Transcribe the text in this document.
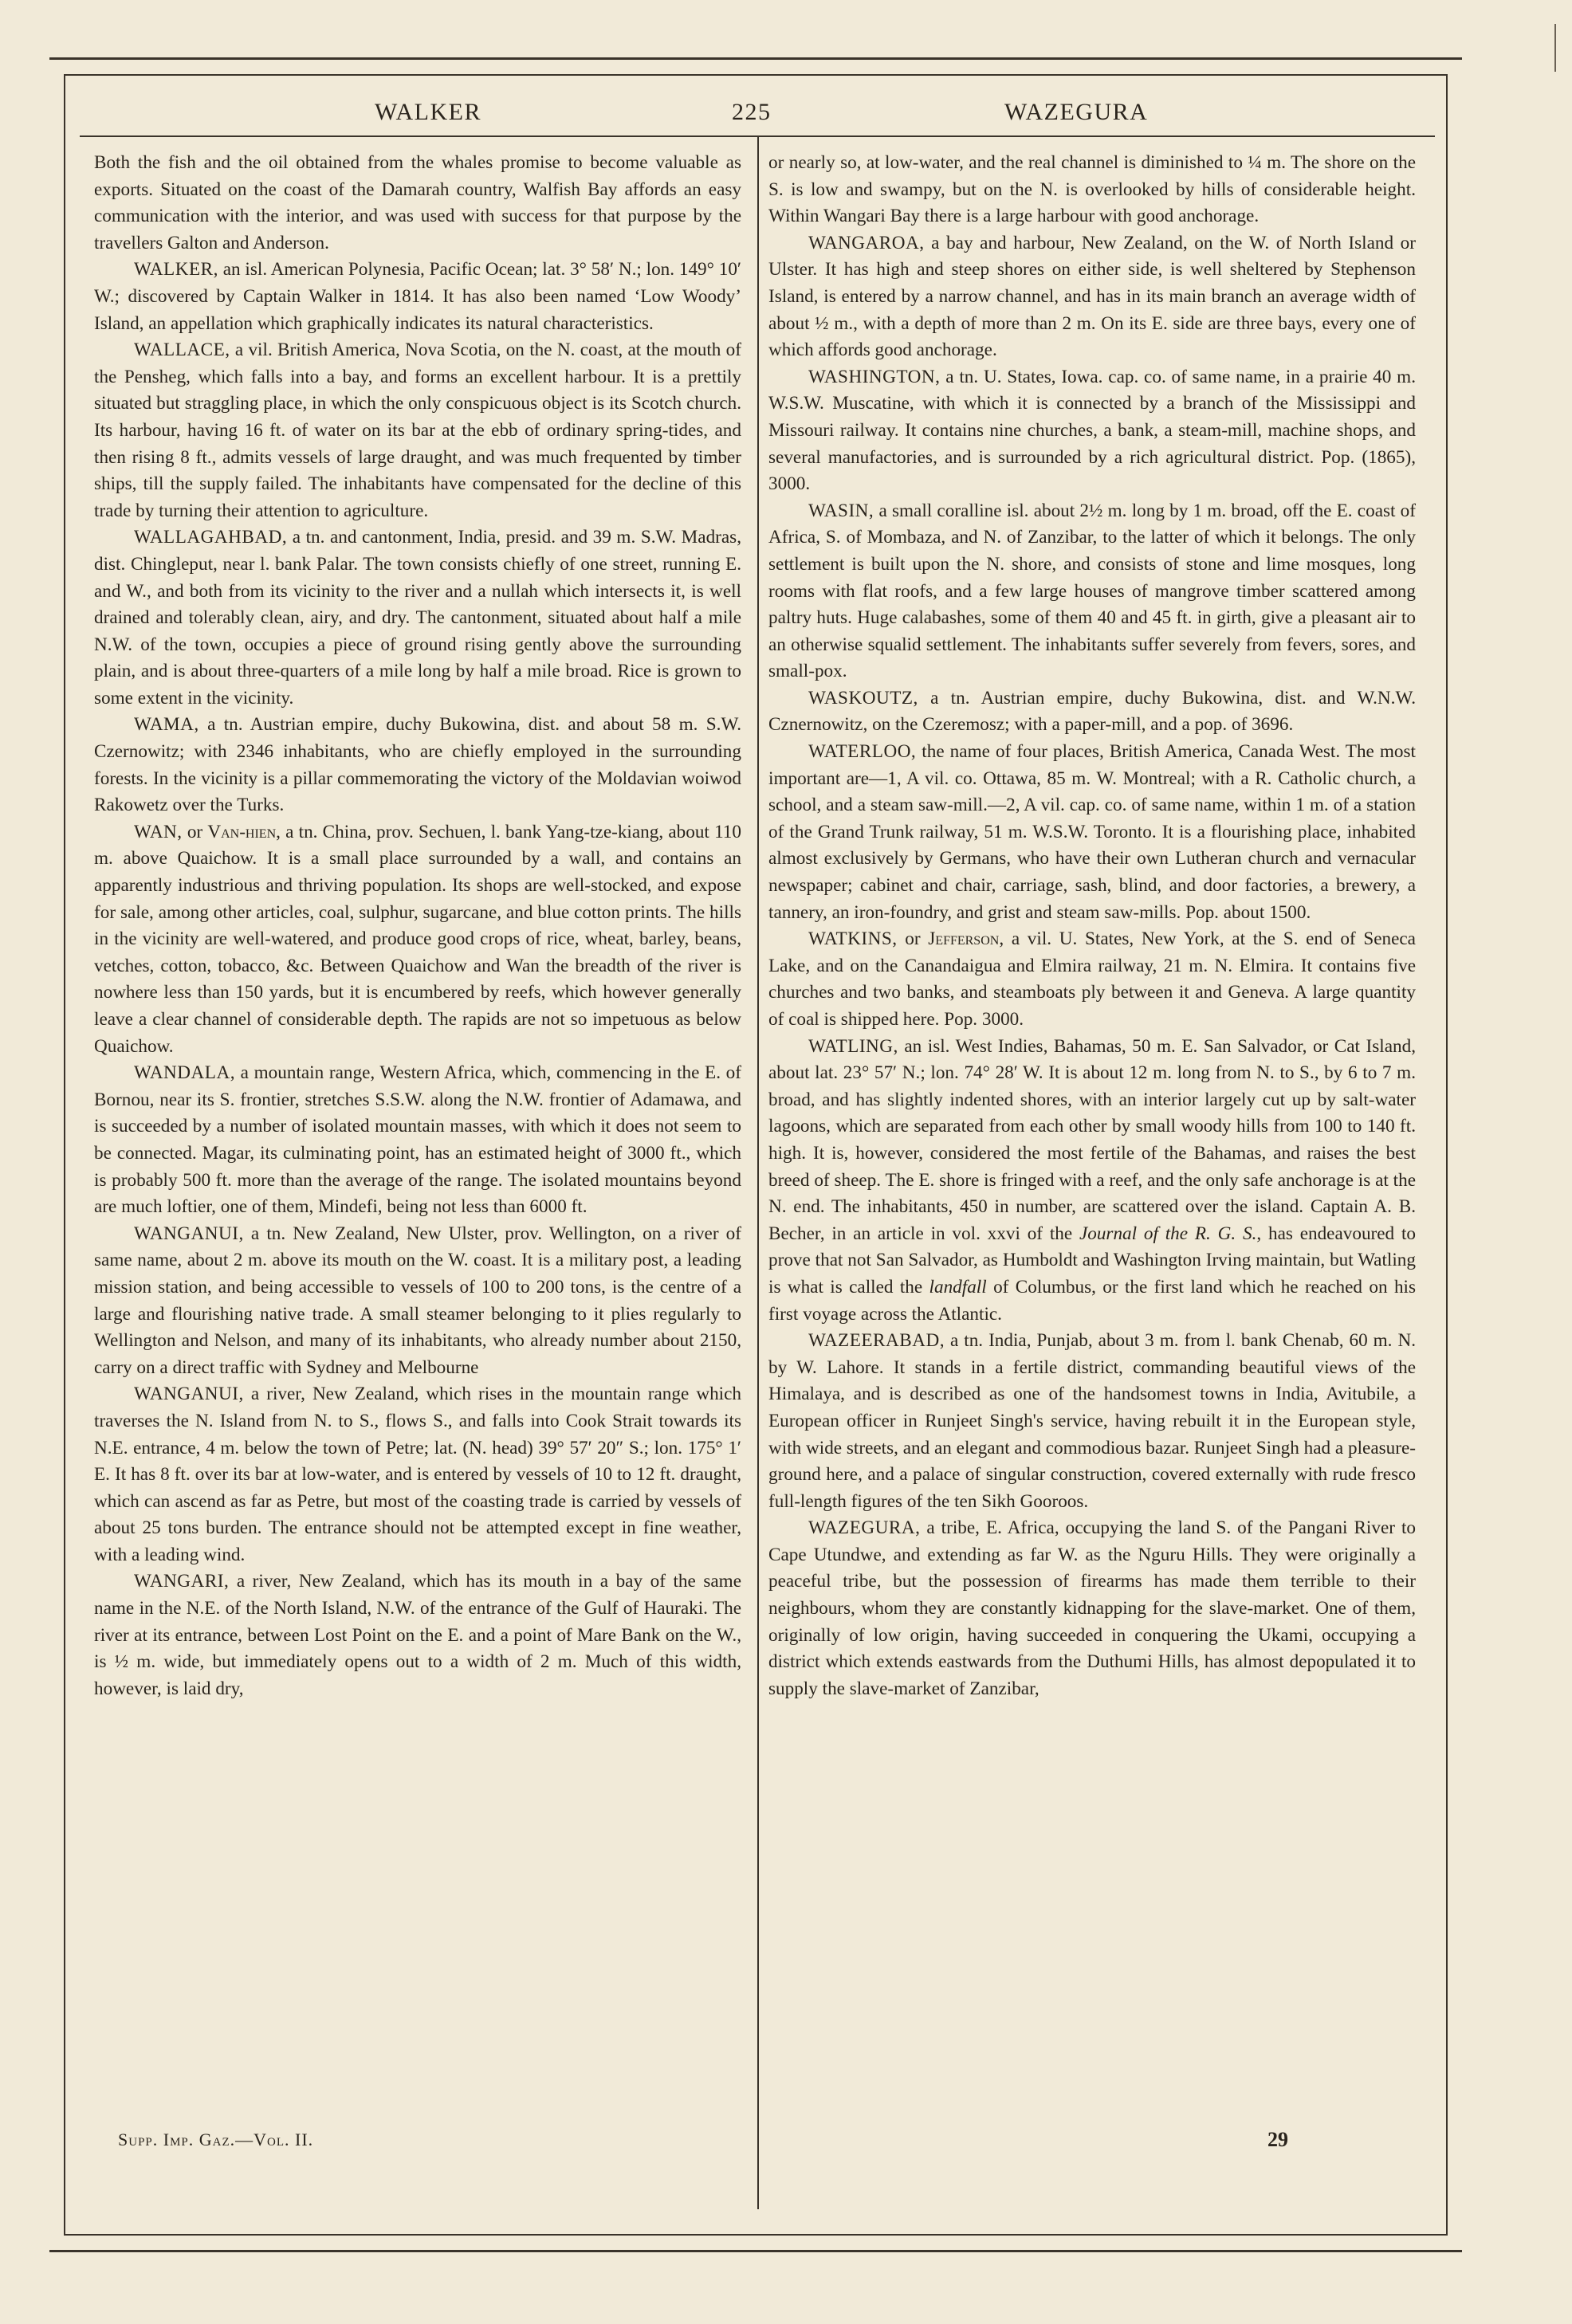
WALKER	225	WAZEGURA

Both the fish and the oil obtained from the whales promise to become valuable as exports. Situated on the coast of the Damarah country, Walfish Bay affords an easy communication with the interior, and was used with success for that purpose by the travellers Galton and Anderson.

WALKER, an isl. American Polynesia, Pacific Ocean; lat. 3° 58′ N.; lon. 149° 10′ W.; discovered by Captain Walker in 1814. It has also been named ‘Low Woody’ Island, an appellation which graphically indicates its natural characteristics.

WALLACE, a vil. British America, Nova Scotia, on the N. coast, at the mouth of the Pensheg, which falls into a bay, and forms an excellent harbour. It is a prettily situated but straggling place, in which the only conspicuous object is its Scotch church. Its harbour, having 16 ft. of water on its bar at the ebb of ordinary spring-tides, and then rising 8 ft., admits vessels of large draught, and was much frequented by timber ships, till the supply failed. The inhabitants have compensated for the decline of this trade by turning their attention to agriculture.

WALLAGAHBAD, a tn. and cantonment, India, presid. and 39 m. S.W. Madras, dist. Chingleput, near l. bank Palar. The town consists chiefly of one street, running E. and W., and both from its vicinity to the river and a nullah which intersects it, is well drained and tolerably clean, airy, and dry. The cantonment, situated about half a mile N.W. of the town, occupies a piece of ground rising gently above the surrounding plain, and is about three-quarters of a mile long by half a mile broad. Rice is grown to some extent in the vicinity.

WAMA, a tn. Austrian empire, duchy Bukowina, dist. and about 58 m. S.W. Czernowitz; with 2346 inhabitants, who are chiefly employed in the surrounding forests. In the vicinity is a pillar commemorating the victory of the Moldavian woiwod Rakowetz over the Turks.

WAN, or Van-hien, a tn. China, prov. Sechuen, l. bank Yang-tze-kiang, about 110 m. above Quaichow. It is a small place surrounded by a wall, and contains an apparently industrious and thriving population. Its shops are well-stocked, and expose for sale, among other articles, coal, sulphur, sugarcane, and blue cotton prints. The hills in the vicinity are well-watered, and produce good crops of rice, wheat, barley, beans, vetches, cotton, tobacco, &c. Between Quaichow and Wan the breadth of the river is nowhere less than 150 yards, but it is encumbered by reefs, which however generally leave a clear channel of considerable depth. The rapids are not so impetuous as below Quaichow.

WANDALA, a mountain range, Western Africa, which, commencing in the E. of Bornou, near its S. frontier, stretches S.S.W. along the N.W. frontier of Adamawa, and is succeeded by a number of isolated mountain masses, with which it does not seem to be connected. Magar, its culminating point, has an estimated height of 3000 ft., which is probably 500 ft. more than the average of the range. The isolated mountains beyond are much loftier, one of them, Mindefi, being not less than 6000 ft.

WANGANUI, a tn. New Zealand, New Ulster, prov. Wellington, on a river of same name, about 2 m. above its mouth on the W. coast. It is a military post, a leading mission station, and being accessible to vessels of 100 to 200 tons, is the centre of a large and flourishing native trade. A small steamer belonging to it plies regularly to Wellington and Nelson, and many of its inhabitants, who already number about 2150, carry on a direct traffic with Sydney and Melbourne

WANGANUI, a river, New Zealand, which rises in the mountain range which traverses the N. Island from N. to S., flows S., and falls into Cook Strait towards its N.E. entrance, 4 m. below the town of Petre; lat. (N. head) 39° 57′ 20″ S.; lon. 175° 1′ E. It has 8 ft. over its bar at low-water, and is entered by vessels of 10 to 12 ft. draught, which can ascend as far as Petre, but most of the coasting trade is carried by vessels of about 25 tons burden. The entrance should not be attempted except in fine weather, with a leading wind.

WANGARI, a river, New Zealand, which has its mouth in a bay of the same name in the N.E. of the North Island, N.W. of the entrance of the Gulf of Hauraki. The river at its entrance, between Lost Point on the E. and a point of Mare Bank on the W., is ½ m. wide, but immediately opens out to a width of 2 m. Much of this width, however, is laid dry,

or nearly so, at low-water, and the real channel is diminished to ¼ m. The shore on the S. is low and swampy, but on the N. is overlooked by hills of considerable height. Within Wangari Bay there is a large harbour with good anchorage.

WANGAROA, a bay and harbour, New Zealand, on the W. of North Island or Ulster. It has high and steep shores on either side, is well sheltered by Stephenson Island, is entered by a narrow channel, and has in its main branch an average width of about ½ m., with a depth of more than 2 m. On its E. side are three bays, every one of which affords good anchorage.

WASHINGTON, a tn. U. States, Iowa. cap. co. of same name, in a prairie 40 m. W.S.W. Muscatine, with which it is connected by a branch of the Mississippi and Missouri railway. It contains nine churches, a bank, a steam-mill, machine shops, and several manufactories, and is surrounded by a rich agricultural district. Pop. (1865), 3000.

WASIN, a small coralline isl. about 2½ m. long by 1 m. broad, off the E. coast of Africa, S. of Mombaza, and N. of Zanzibar, to the latter of which it belongs. The only settlement is built upon the N. shore, and consists of stone and lime mosques, long rooms with flat roofs, and a few large houses of mangrove timber scattered among paltry huts. Huge calabashes, some of them 40 and 45 ft. in girth, give a pleasant air to an otherwise squalid settlement. The inhabitants suffer severely from fevers, sores, and small-pox.

WASKOUTZ, a tn. Austrian empire, duchy Bukowina, dist. and W.N.W. Cznernowitz, on the Czeremosz; with a paper-mill, and a pop. of 3696.

WATERLOO, the name of four places, British America, Canada West. The most important are—1, A vil. co. Ottawa, 85 m. W. Montreal; with a R. Catholic church, a school, and a steam saw-mill.—2, A vil. cap. co. of same name, within 1 m. of a station of the Grand Trunk railway, 51 m. W.S.W. Toronto. It is a flourishing place, inhabited almost exclusively by Germans, who have their own Lutheran church and vernacular newspaper; cabinet and chair, carriage, sash, blind, and door factories, a brewery, a tannery, an iron-foundry, and grist and steam saw-mills. Pop. about 1500.

WATKINS, or Jefferson, a vil. U. States, New York, at the S. end of Seneca Lake, and on the Canandaigua and Elmira railway, 21 m. N. Elmira. It contains five churches and two banks, and steamboats ply between it and Geneva. A large quantity of coal is shipped here. Pop. 3000.

WATLING, an isl. West Indies, Bahamas, 50 m. E. San Salvador, or Cat Island, about lat. 23° 57′ N.; lon. 74° 28′ W. It is about 12 m. long from N. to S., by 6 to 7 m. broad, and has slightly indented shores, with an interior largely cut up by salt-water lagoons, which are separated from each other by small woody hills from 100 to 140 ft. high. It is, however, considered the most fertile of the Bahamas, and raises the best breed of sheep. The E. shore is fringed with a reef, and the only safe anchorage is at the N. end. The inhabitants, 450 in number, are scattered over the island. Captain A. B. Becher, in an article in vol. xxvi of the Journal of the R. G. S., has endeavoured to prove that not San Salvador, as Humboldt and Washington Irving maintain, but Watling is what is called the landfall of Columbus, or the first land which he reached on his first voyage across the Atlantic.

WAZEERABAD, a tn. India, Punjab, about 3 m. from l. bank Chenab, 60 m. N. by W. Lahore. It stands in a fertile district, commanding beautiful views of the Himalaya, and is described as one of the handsomest towns in India, Avitubile, a European officer in Runjeet Singh's service, having rebuilt it in the European style, with wide streets, and an elegant and commodious bazar. Runjeet Singh had a pleasure-ground here, and a palace of singular construction, covered externally with rude fresco full-length figures of the ten Sikh Gooroos.

WAZEGURA, a tribe, E. Africa, occupying the land S. of the Pangani River to Cape Utundwe, and extending as far W. as the Nguru Hills. They were originally a peaceful tribe, but the possession of firearms has made them terrible to their neighbours, whom they are constantly kidnapping for the slave-market. One of them, originally of low origin, having succeeded in conquering the Ukami, occupying a district which extends eastwards from the Duthumi Hills, has almost depopulated it to supply the slave-market of Zanzibar,

Supp. Imp. Gaz.—Vol. II.	29
